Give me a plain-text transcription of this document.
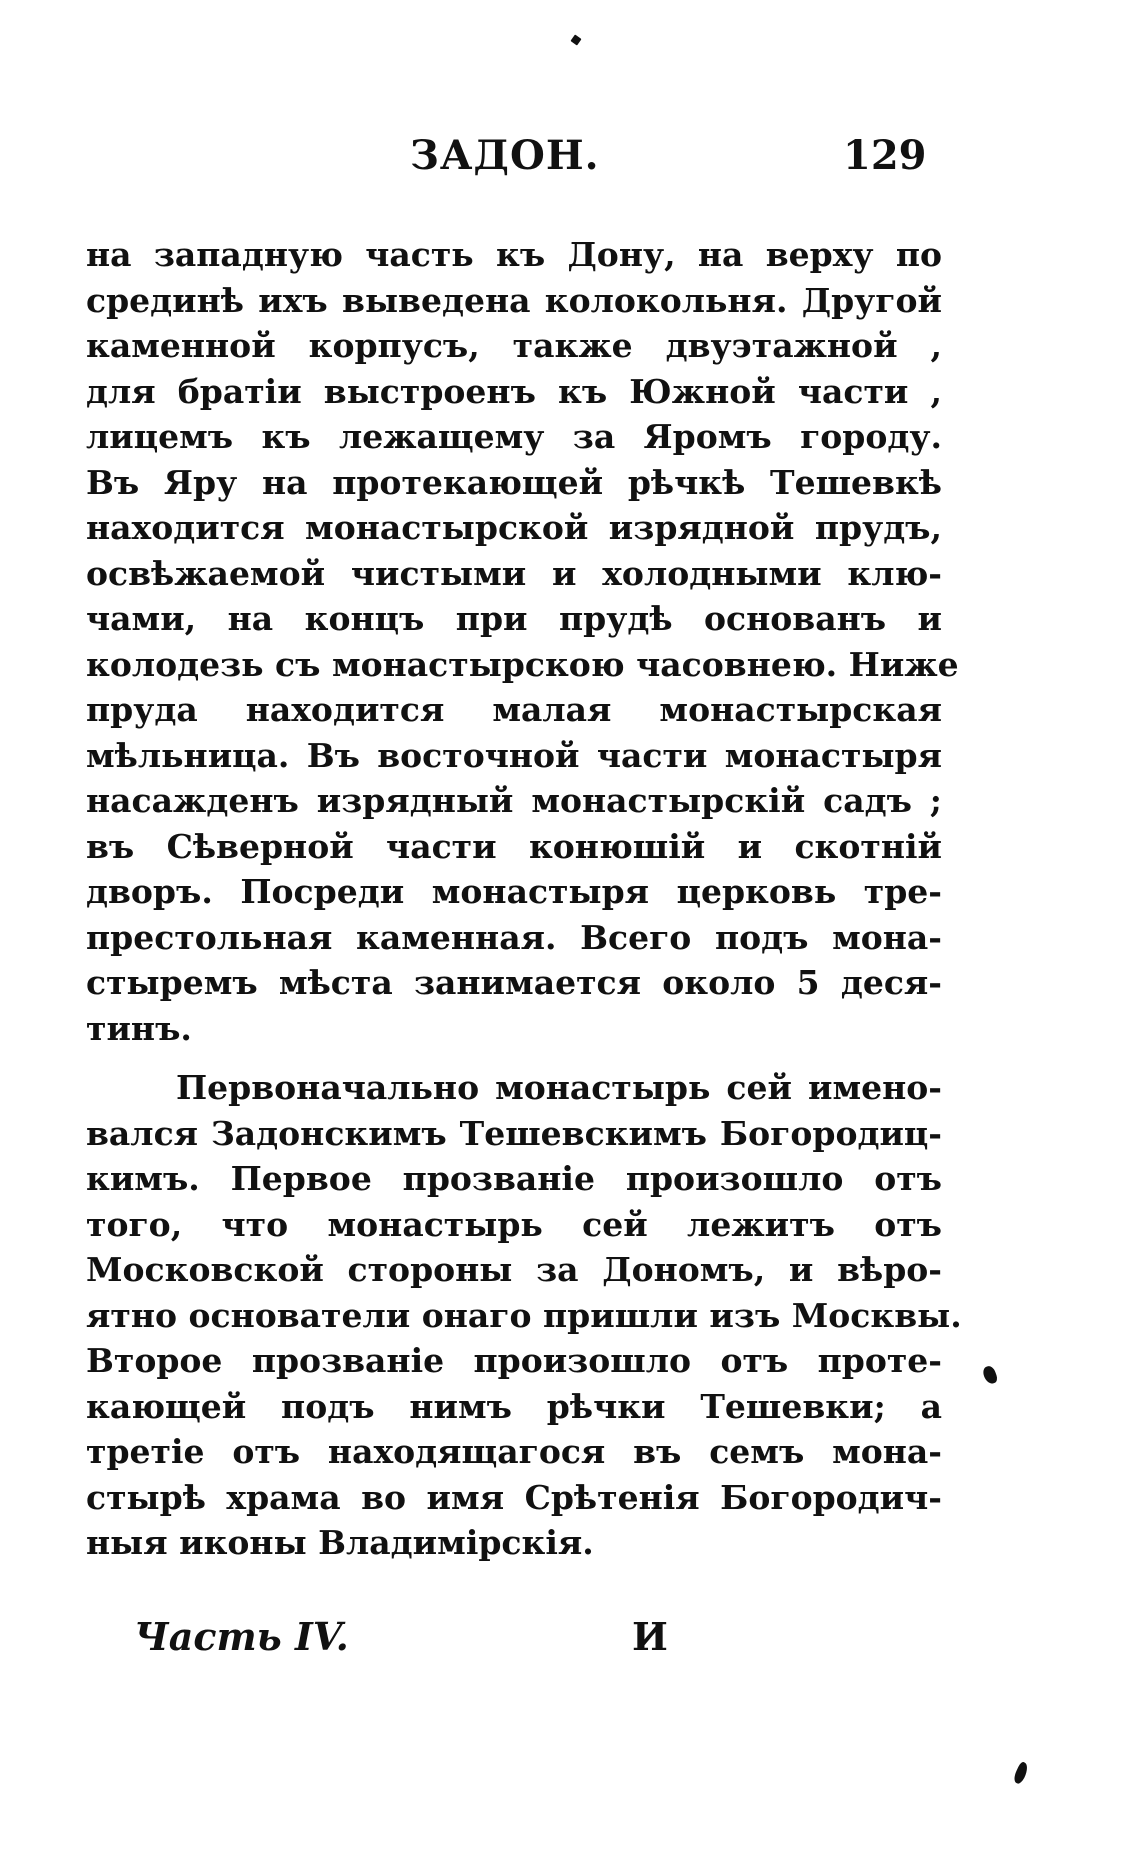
ЗАДОН.	129
на западную часть къ Дону, на верху по
срединѣ ихъ выведена колокольня. Другой
каменной корпусъ, также двуэтажной ,
для братіи выстроенъ къ Южной части ,
лицемъ къ лежащему за Яромъ городу.
Въ Яру на протекающей рѣчкѣ Тешевкѣ
находится монастырской изрядной прудъ,
освѣжаемой чистыми и холодными клю-
чами, на концъ при прудѣ основанъ и
колодезь съ монастырскою часовнею. Ниже
пруда находится малая монастырская
мѣльница. Въ восточной части монастыря
насажденъ изрядный монастырскій садъ ;
въ Сѣверной части конюшій и скотній
дворъ. Посреди монастыря церковь тре-
престольная каменная. Всего подъ мона-
стыремъ мѣста занимается около 5 деся-
тинъ.
Первоначально монастырь сей имено-
вался Задонскимъ Тешевскимъ Богородиц-
кимъ. Первое прозваніе произошло отъ
того, что монастырь сей лежитъ отъ
Московской стороны за Дономъ, и вѣро-
ятно основатели онаго пришли изъ Москвы.
Второе прозваніе произошло отъ проте-
кающей подъ нимъ рѣчки Тешевки; а
третіе отъ находящагося въ семъ мона-
стырѣ храма во имя Срѣтенія Богородич-
ныя иконы Владимірскія.
Часть IV.	И
